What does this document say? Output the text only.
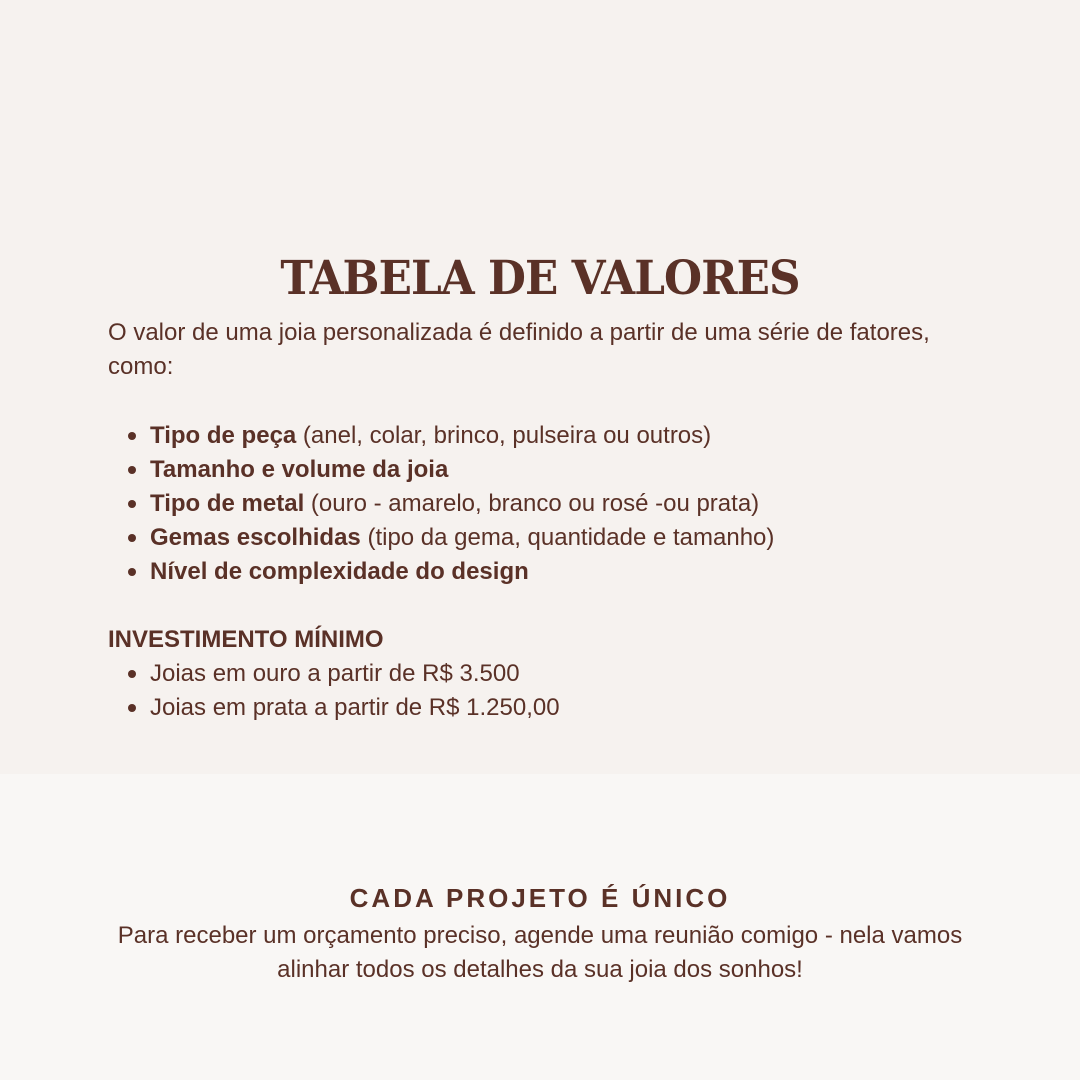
TABELA DE VALORES

O valor de uma joia personalizada é definido a partir de uma série de fatores, como:

Tipo de peça (anel, colar, brinco, pulseira ou outros)
Tamanho e volume da joia
Tipo de metal (ouro - amarelo, branco ou rosé -ou prata)
Gemas escolhidas (tipo da gema, quantidade e tamanho)
Nível de complexidade do design
INVESTIMENTO MÍNIMO
Joias em ouro a partir de R$ 3.500
Joias em prata a partir de R$ 1.250,00
CADA PROJETO É ÚNICO

Para receber um orçamento preciso, agende uma reunião comigo - nela vamos alinhar todos os detalhes da sua joia dos sonhos!
